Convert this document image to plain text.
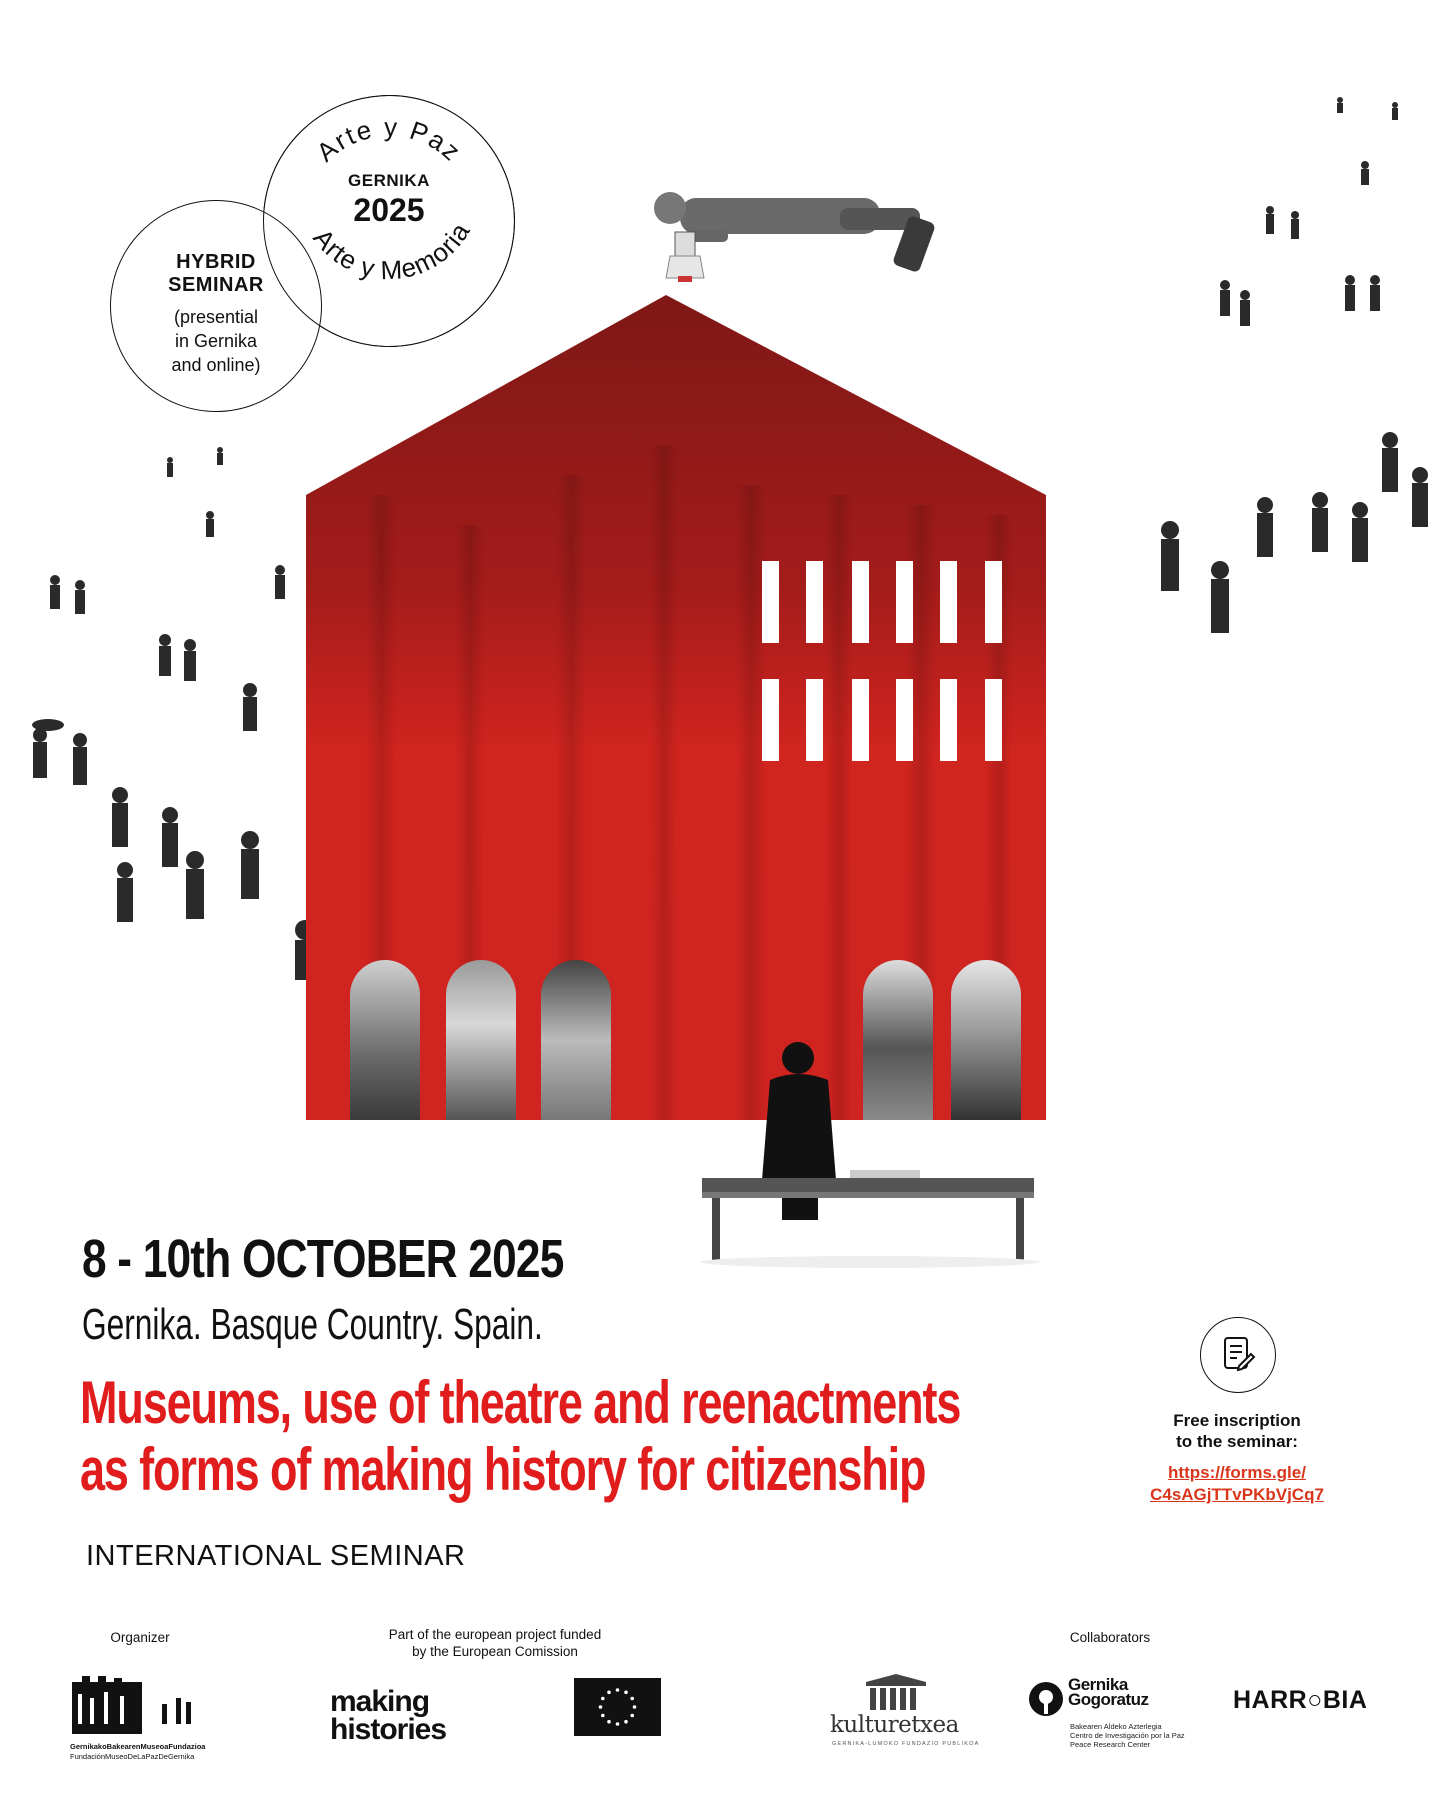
Arte y Paz
Arte y Memoria
GERNIKA
2025
HYBRID
SEMINAR
(presential
in Gernika
and online)
8 - 10th OCTOBER 2025
Gernika. Basque Country. Spain.
Museums, use of theatre and reenactments
as forms of making history for citizenship
INTERNATIONAL SEMINAR
Free inscription
to the seminar:
https://forms.gle/
C4sAGjTTvPKbVjCq7
Organizer
GernikakoBakearenMuseoaFundazioa
FundaciónMuseoDeLaPazDeGernika
Part of the european project funded
by the European Comission
making
histories
Collaborators
kulturetxea
GERNIKA-LUMOKO FUNDAZIO PUBLIKOA
Gernika
Gogoratuz
Bakearen Aldeko Azterlegia
Centro de Investigación por la Paz
Peace Research Center
HARR○BIA
